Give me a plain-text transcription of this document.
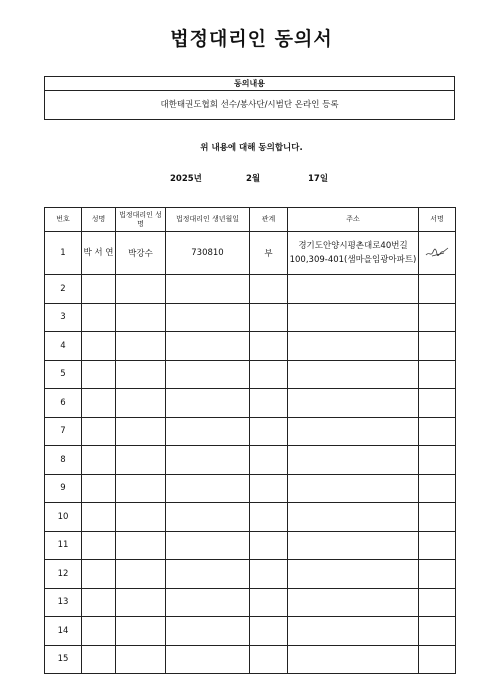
법정대리인 동의서
동의내용
대한태권도협회 선수/봉사단/시범단 온라인 등록
위 내용에 대해 동의합니다.
2025년	2월	17일
번호	성명	법정대리인 성명	법정대리인 생년월일	관계	주소	서명
1	박 서 연	박강수	730810	부	경기도안양시평촌대로40번길100,309-401(샘마을임광아파트)	
2						
3						
4						
5						
6						
7						
8						
9						
10						
11						
12						
13						
14						
15						
